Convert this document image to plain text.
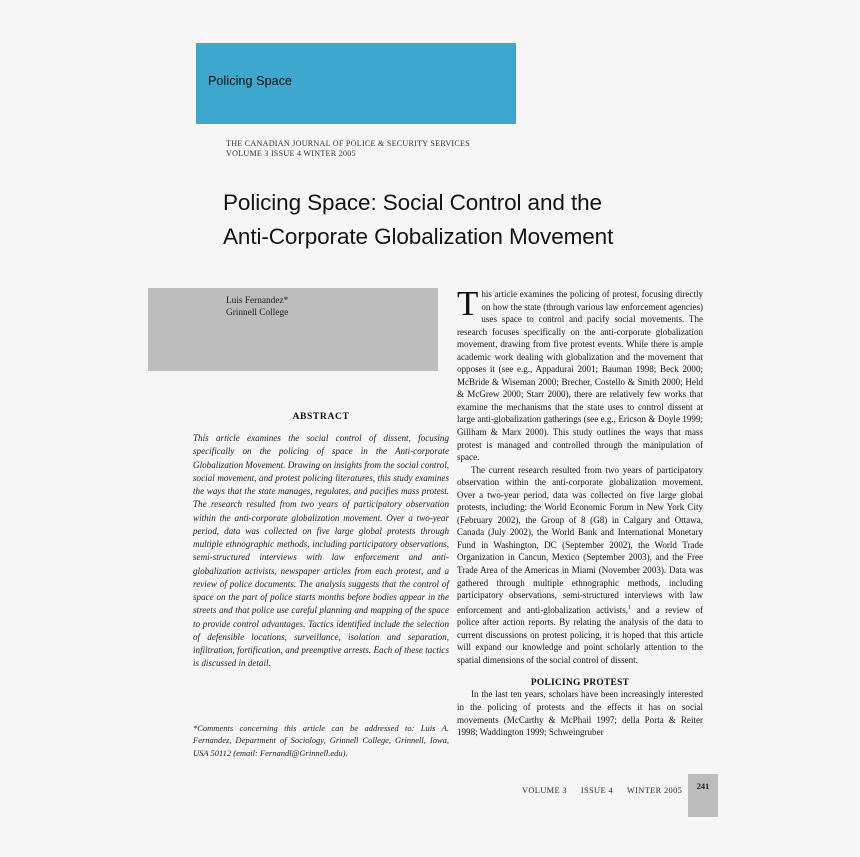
Policing Space
THE CANADIAN JOURNAL OF POLICE & SECURITY SERVICES
VOLUME 3 ISSUE 4 WINTER 2005
Policing Space: Social Control and the
Anti-Corporate Globalization Movement
Luis Fernandez*
Grinnell College
ABSTRACT
This article examines the social control of dissent, focusing specifically on the policing of space in the Anti-corporate Globalization Movement. Drawing on insights from the social control, social movement, and protest policing literatures, this study examines the ways that the state manages, regulates, and pacifies mass protest. The research resulted from two years of participatory observation within the anti-corporate globalization movement. Over a two-year period, data was collected on five large global protests through multiple ethnographic methods, including participatory observations, semi-structured interviews with law enforcement and anti-globalization activists, newspaper articles from each protest, and a review of police documents. The analysis suggests that the control of space on the part of police starts months before bodies appear in the streets and that police use careful planning and mapping of the space to provide control advantages. Tactics identified include the selection of defensible locations, surveillance, isolation and separation, infiltration, fortification, and preemptive arrests. Each of these tactics is discussed in detail.
*Comments concerning this article can be addressed to: Luis A. Fernandez, Department of Sociology, Grinnell College, Grinnell, Iowa, USA 50112 (email: Fernandl@Grinnell.edu).

This article examines the policing of protest, focusing directly on how the state (through various law enforcement agencies) uses space to control and pacify social movements. The research focuses specifically on the anti-corporate globalization movement, drawing from five protest events. While there is ample academic work dealing with globalization and the movement that opposes it (see e.g., Appadurai 2001; Bauman 1998; Beck 2000; McBride & Wiseman 2000; Brecher, Costello & Smith 2000; Held & McGrew 2000; Starr 2000), there are relatively few works that examine the mechanisms that the state uses to control dissent at large anti-globalization gatherings (see e.g., Ericson & Doyle 1999; Gillham & Marx 2000). This study outlines the ways that mass protest is managed and controlled through the manipulation of space.

The current research resulted from two years of participatory observation within the anti-corporate globalization movement. Over a two-year period, data was collected on five large global protests, including: the World Economic Forum in New York City (February 2002), the Group of 8 (G8) in Calgary and Ottawa, Canada (July 2002), the World Bank and International Monetary Fund in Washington, DC (September 2002), the World Trade Organization in Cancun, Mexico (September 2003), and the Free Trade Area of the Americas in Miami (November 2003). Data was gathered through multiple ethnographic methods, including participatory observations, semi-structured interviews with law enforcement and anti-globalization activists,$^1$ and a review of police after action reports. By relating the analysis of the data to current discussions on protest policing, it is hoped that this article will expand our knowledge and point scholarly attention to the spatial dimensions of the social control of dissent.

POLICING PROTEST

In the last ten years, scholars have been increasingly interested in the policing of protests and the effects it has on social movements (McCarthy & McPhail 1997; della Porta & Reiter 1998; Waddington 1999; Schweingruber

VOLUME 3 ISSUE 4 WINTER 2005	241
